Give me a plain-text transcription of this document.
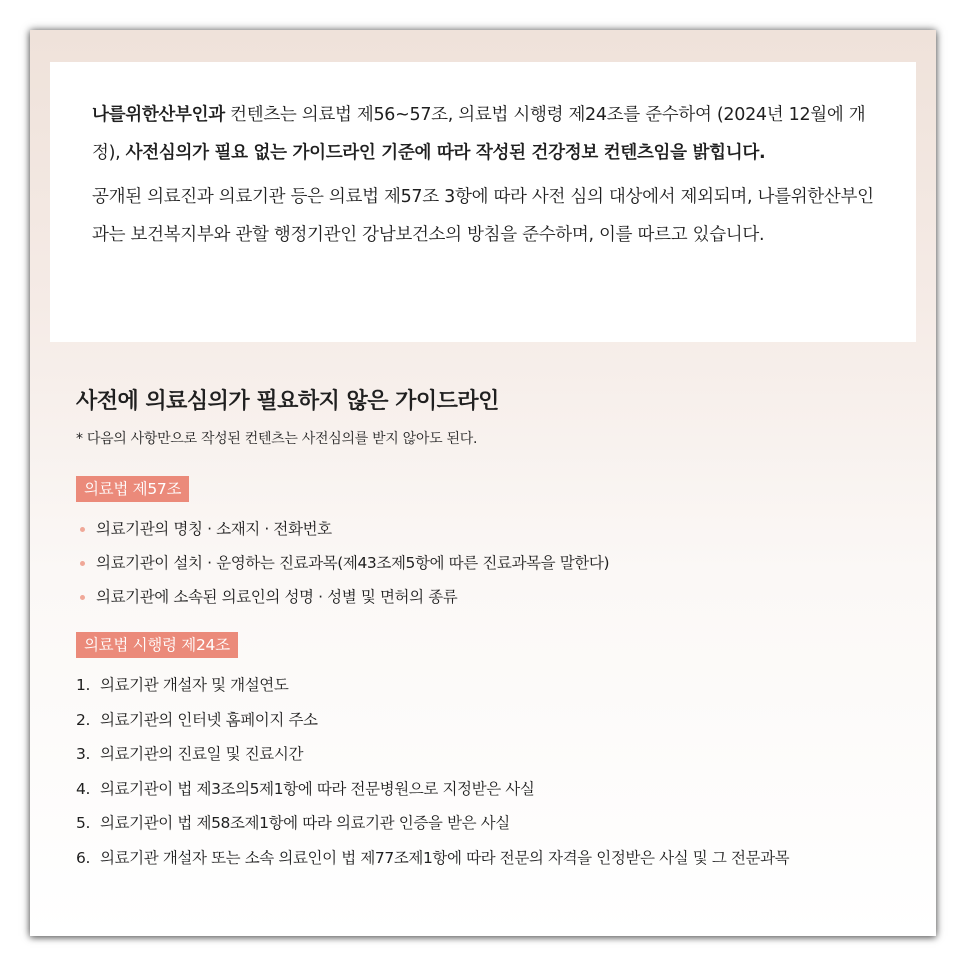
나를위한산부인과 컨텐츠는 의료법 제56~57조, 의료법 시행령 제24조를 준수하여 (2024년 12월에 개정), 사전심의가 필요 없는 가이드라인 기준에 따라 작성된 건강정보 컨텐츠임을 밝힙니다.

공개된 의료진과 의료기관 등은 의료법 제57조 3항에 따라 사전 심의 대상에서 제외되며, 나를위한산부인과는 보건복지부와 관할 행정기관인 강남보건소의 방침을 준수하며, 이를 따르고 있습니다.

사전에 의료심의가 필요하지 않은 가이드라인

* 다음의 사항만으로 작성된 컨텐츠는 사전심의를 받지 않아도 된다.

의료법 제57조
의료기관의 명칭 · 소재지 · 전화번호
의료기관이 설치 · 운영하는 진료과목(제43조제5항에 따른 진료과목을 말한다)
의료기관에 소속된 의료인의 성명 · 성별 및 면허의 종류
의료법 시행령 제24조
1. 의료기관 개설자 및 개설연도
2. 의료기관의 인터넷 홈페이지 주소
3. 의료기관의 진료일 및 진료시간
4. 의료기관이 법 제3조의5제1항에 따라 전문병원으로 지정받은 사실
5. 의료기관이 법 제58조제1항에 따라 의료기관 인증을 받은 사실
6. 의료기관 개설자 또는 소속 의료인이 법 제77조제1항에 따라 전문의 자격을 인정받은 사실 및 그 전문과목
